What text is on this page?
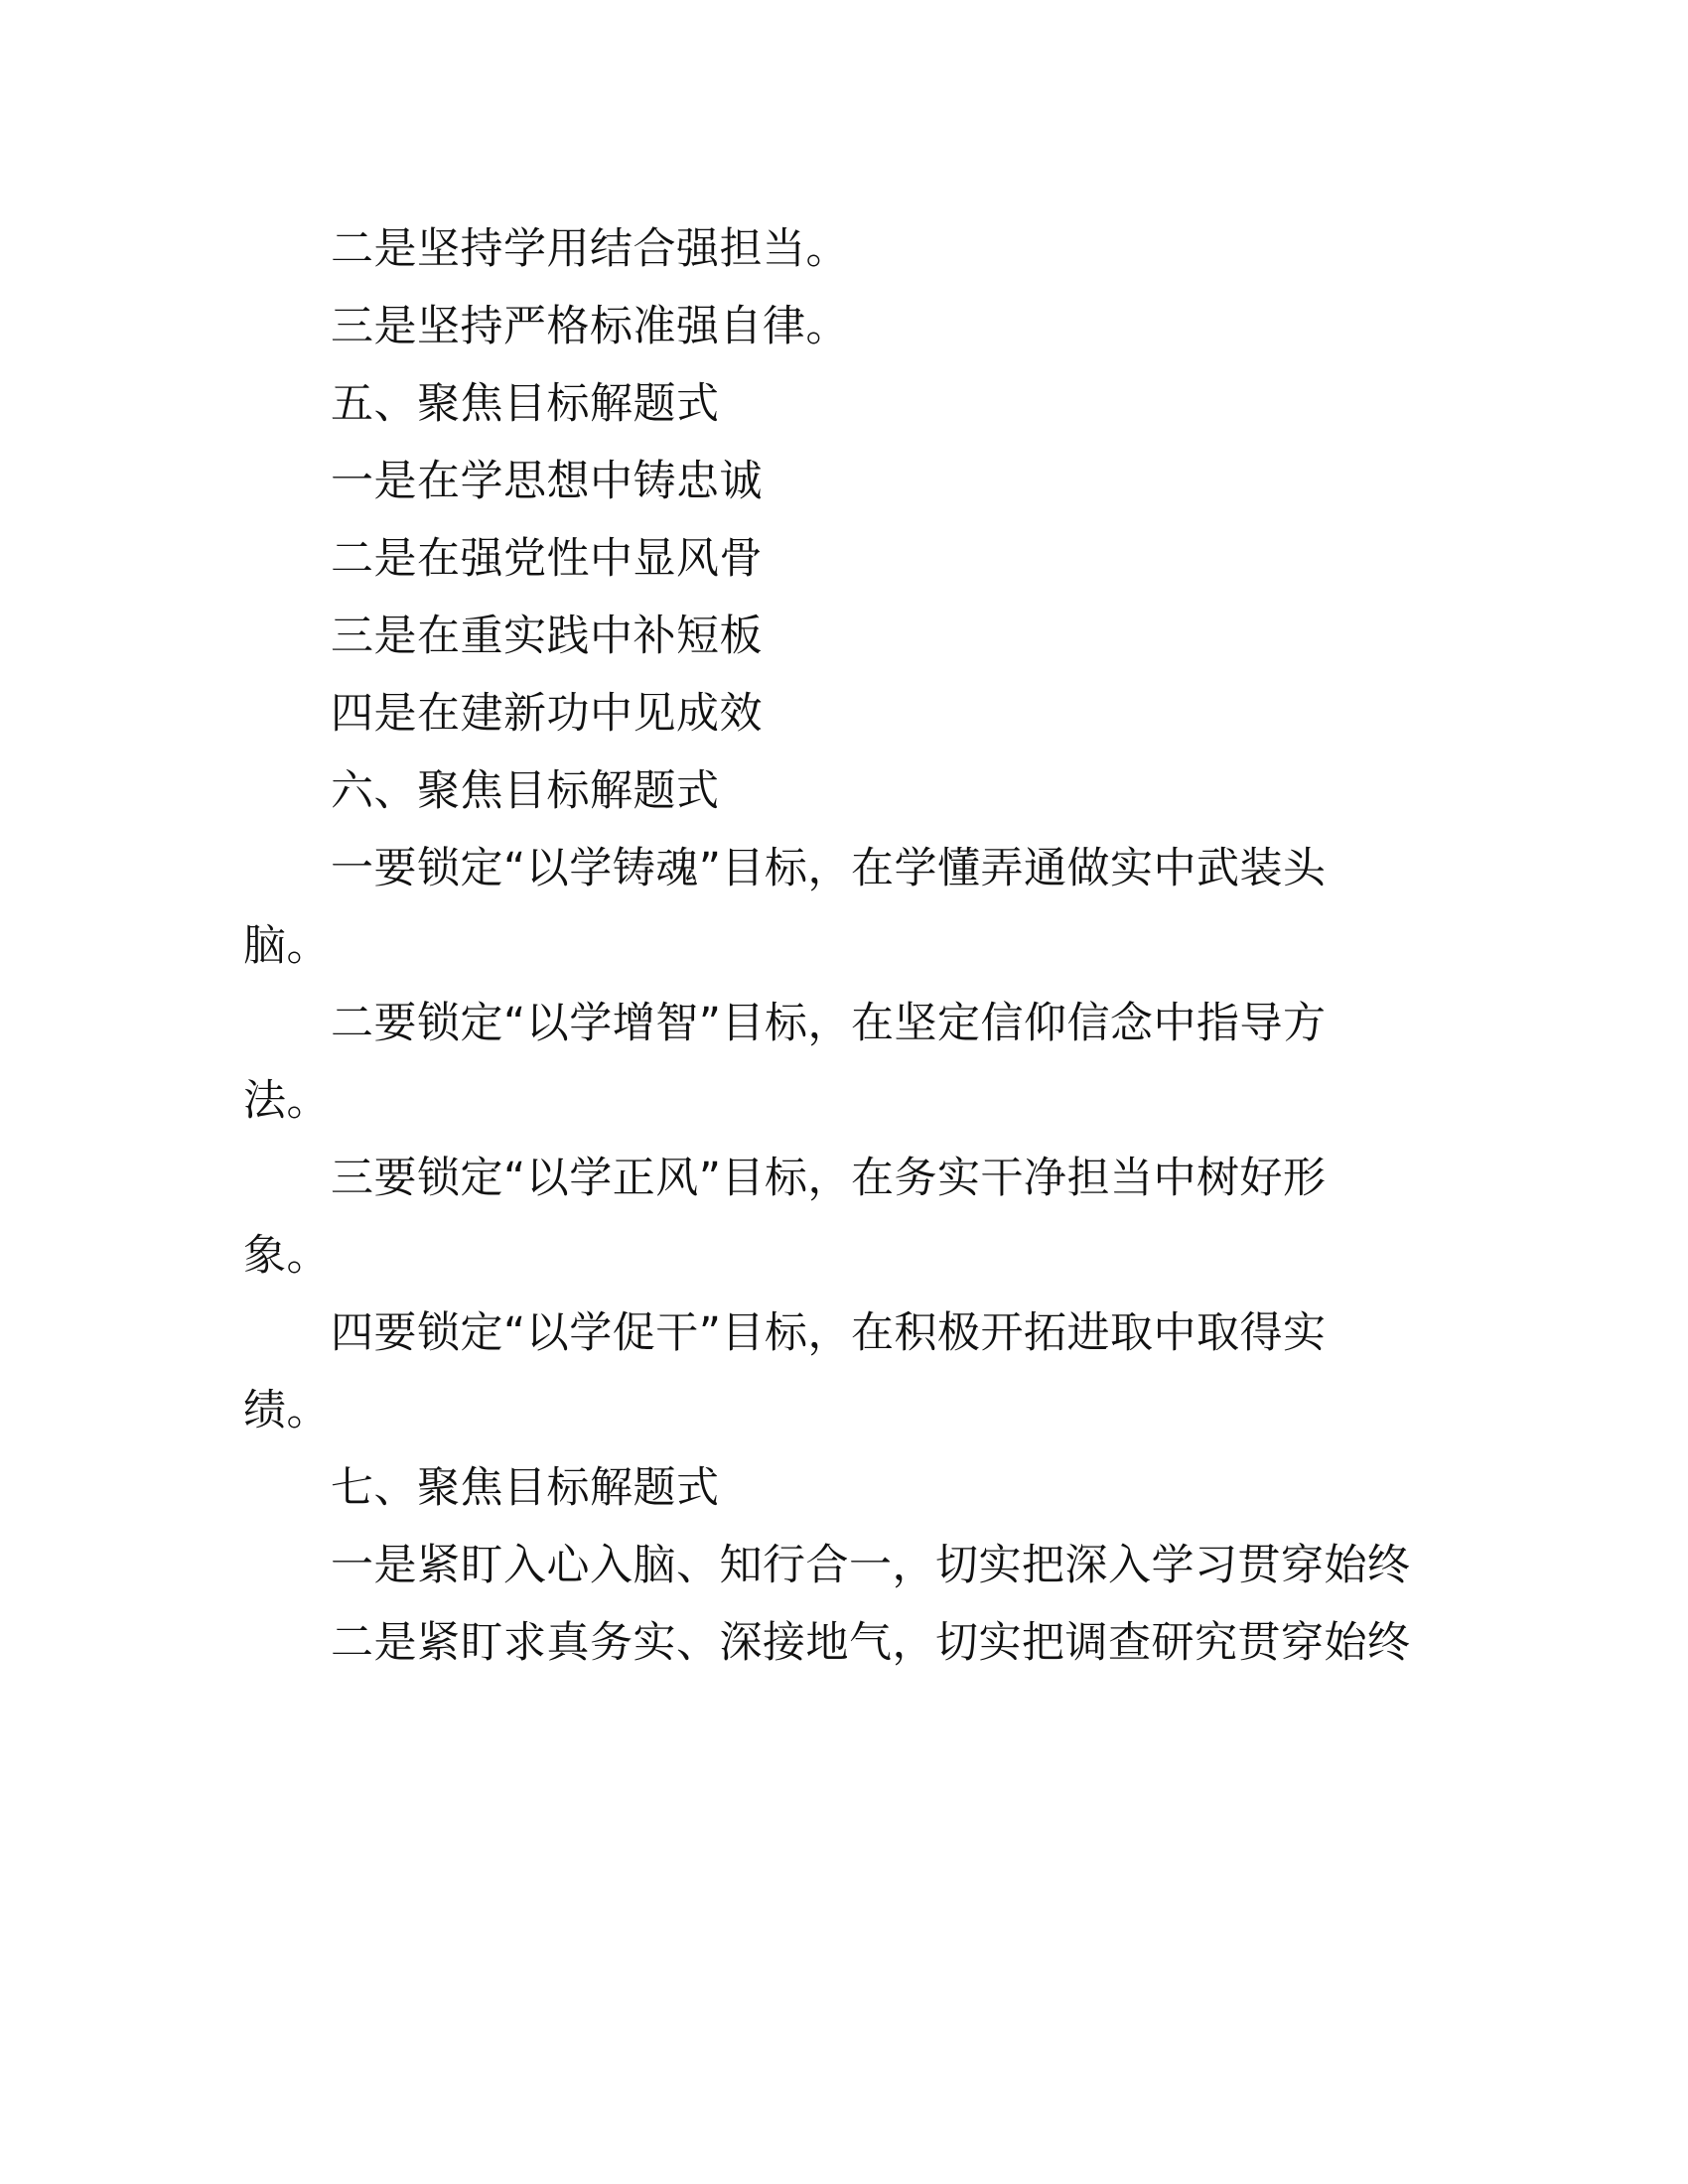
二是坚持学用结合强担当。

三是坚持严格标准强自律。

五、聚焦目标解题式

一是在学思想中铸忠诚

二是在强党性中显风骨

三是在重实践中补短板

四是在建新功中见成效

六、聚焦目标解题式

一要锁定“以学铸魂”目标，在学懂弄通做实中武装头
脑。
二要锁定“以学增智”目标，在坚定信仰信念中指导方
法。
三要锁定“以学正风”目标，在务实干净担当中树好形
象。
四要锁定“以学促干”目标，在积极开拓进取中取得实
绩。

七、聚焦目标解题式

一是紧盯入心入脑、知行合一，切实把深入学习贯穿始终

二是紧盯求真务实、深接地气，切实把调查研究贯穿始终
